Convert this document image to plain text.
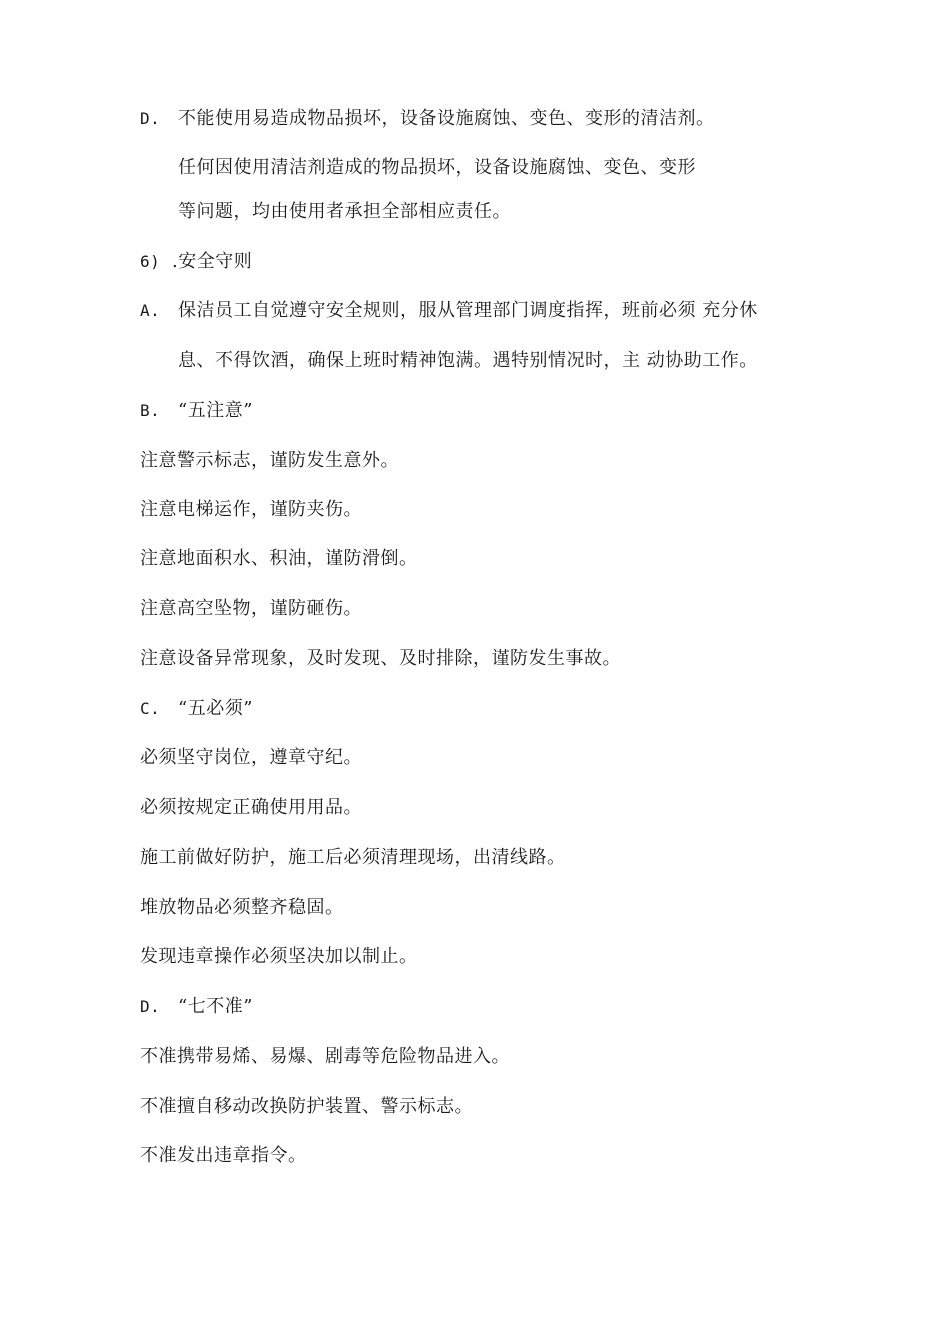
D. 不能使用易造成物品损坏，设备设施腐蚀、变色、变形的清洁剂。
任何因使用清洁剂造成的物品损坏，设备设施腐蚀、变色、变形
等问题，均由使用者承担全部相应责任。
6) .安全守则
A. 保洁员工自觉遵守安全规则，服从管理部门调度指挥，班前必须 充分休
息、不得饮酒，确保上班时精神饱满。遇特别情况时，主 动协助工作。
B. “五注意”
注意警示标志，谨防发生意外。
注意电梯运作，谨防夹伤。
注意地面积水、积油，谨防滑倒。
注意高空坠物，谨防砸伤。
注意设备异常现象，及时发现、及时排除，谨防发生事故。
C. “五必须”
必须坚守岗位，遵章守纪。
必须按规定正确使用用品。
施工前做好防护，施工后必须清理现场，出清线路。
堆放物品必须整齐稳固。
发现违章操作必须坚决加以制止。
D. “七不准”
不准携带易烯、易爆、剧毒等危险物品进入。
不准擅自移动改换防护装置、警示标志。
不准发出违章指令。
